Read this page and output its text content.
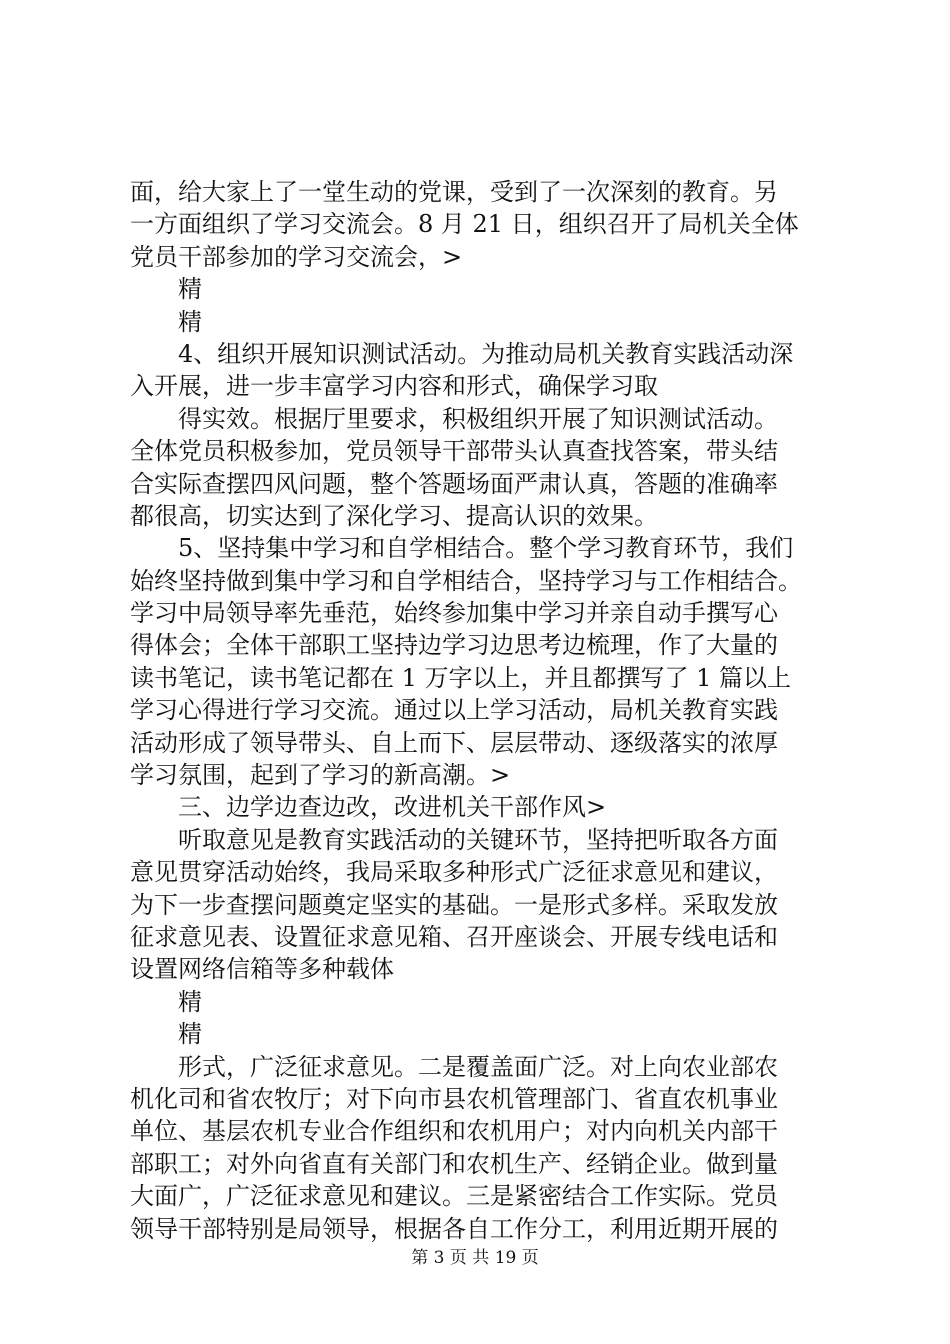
面，给大家上了一堂生动的党课，受到了一次深刻的教育。另
一方面组织了学习交流会。8 月 21 日，组织召开了局机关全体
党员干部参加的学习交流会，>
精
精
4、组织开展知识测试活动。为推动局机关教育实践活动深
入开展，进一步丰富学习内容和形式，确保学习取
得实效。根据厅里要求，积极组织开展了知识测试活动。
全体党员积极参加，党员领导干部带头认真查找答案，带头结
合实际查摆四风问题，整个答题场面严肃认真，答题的准确率
都很高，切实达到了深化学习、提高认识的效果。
5、坚持集中学习和自学相结合。整个学习教育环节，我们
始终坚持做到集中学习和自学相结合，坚持学习与工作相结合。
学习中局领导率先垂范，始终参加集中学习并亲自动手撰写心
得体会；全体干部职工坚持边学习边思考边梳理，作了大量的
读书笔记，读书笔记都在 1 万字以上，并且都撰写了 1 篇以上
学习心得进行学习交流。通过以上学习活动，局机关教育实践
活动形成了领导带头、自上而下、层层带动、逐级落实的浓厚
学习氛围，起到了学习的新高潮。>
三、边学边查边改，改进机关干部作风>
听取意见是教育实践活动的关键环节，坚持把听取各方面
意见贯穿活动始终，我局采取多种形式广泛征求意见和建议，
为下一步查摆问题奠定坚实的基础。一是形式多样。采取发放
征求意见表、设置征求意见箱、召开座谈会、开展专线电话和
设置网络信箱等多种载体
精
精
形式，广泛征求意见。二是覆盖面广泛。对上向农业部农
机化司和省农牧厅；对下向市县农机管理部门、省直农机事业
单位、基层农机专业合作组织和农机用户；对内向机关内部干
部职工；对外向省直有关部门和农机生产、经销企业。做到量
大面广，广泛征求意见和建议。三是紧密结合工作实际。党员
领导干部特别是局领导，根据各自工作分工，利用近期开展的
第 3 页 共 19 页
